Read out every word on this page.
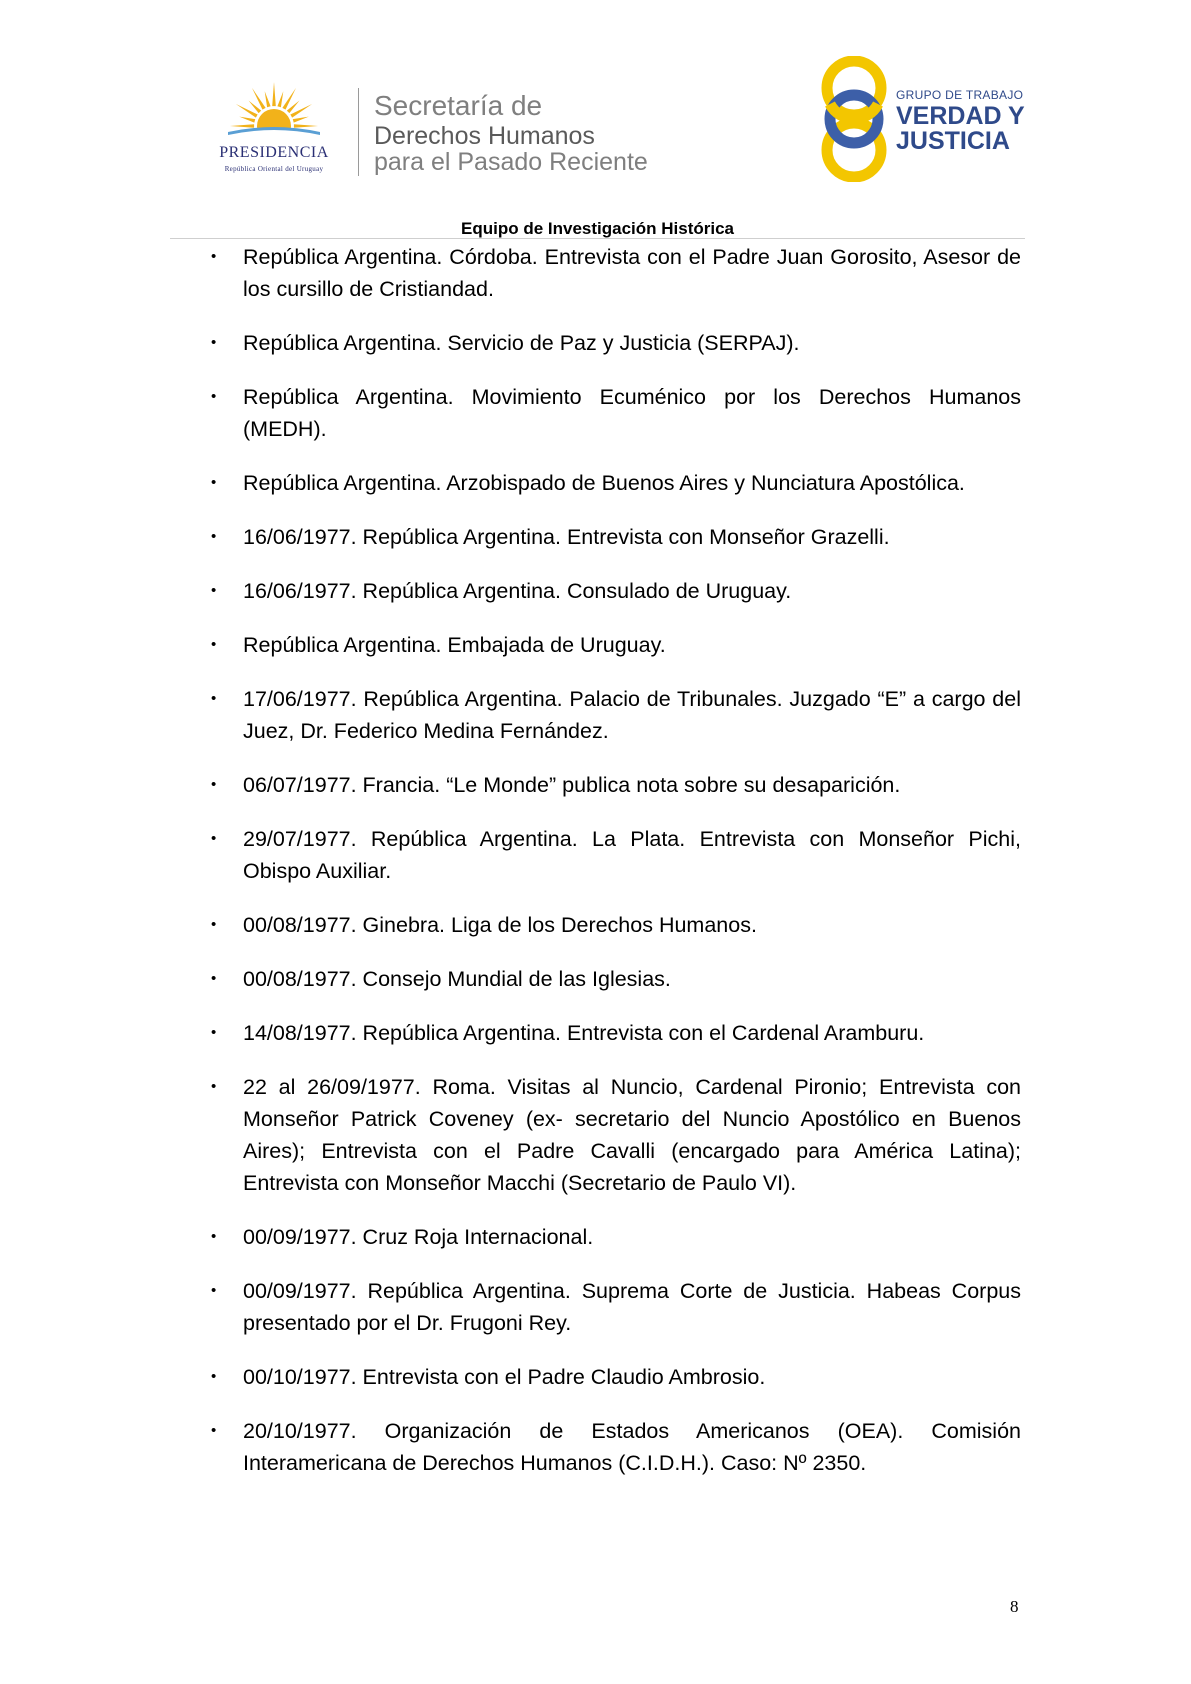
PRESIDENCIA
República Oriental del Uruguay
Secretaría de
Derechos Humanos
para el Pasado Reciente
GRUPO DE TRABAJO
VERDAD Y
JUSTICIA
Equipo de Investigación Histórica
• República Argentina. Córdoba. Entrevista con el Padre Juan Gorosito, Asesor de los cursillo de Cristiandad.
• República Argentina. Servicio de Paz y Justicia (SERPAJ).
• República Argentina. Movimiento Ecuménico por los Derechos Humanos (MEDH).
• República Argentina. Arzobispado de Buenos Aires y Nunciatura Apostólica.
• 16/06/1977. República Argentina. Entrevista con Monseñor Grazelli.
• 16/06/1977. República Argentina. Consulado de Uruguay.
• República Argentina. Embajada de Uruguay.
• 17/06/1977. República Argentina. Palacio de Tribunales. Juzgado “E” a cargo del Juez, Dr. Federico Medina Fernández.
• 06/07/1977. Francia. “Le Monde” publica nota sobre su desaparición.
• 29/07/1977. República Argentina. La Plata. Entrevista con Monseñor Pichi, Obispo Auxiliar.
• 00/08/1977. Ginebra. Liga de los Derechos Humanos.
• 00/08/1977. Consejo Mundial de las Iglesias.
• 14/08/1977. República Argentina. Entrevista con el Cardenal Aramburu.
• 22 al 26/09/1977. Roma. Visitas al Nuncio, Cardenal Pironio; Entrevista con Monseñor Patrick Coveney (ex- secretario del Nuncio Apostólico en Buenos Aires); Entrevista con el Padre Cavalli (encargado para América Latina); Entrevista con Monseñor Macchi (Secretario de Paulo VI).
• 00/09/1977. Cruz Roja Internacional.
• 00/09/1977. República Argentina. Suprema Corte de Justicia. Habeas Corpus presentado por el Dr. Frugoni Rey.
• 00/10/1977. Entrevista con el Padre Claudio Ambrosio.
• 20/10/1977. Organización de Estados Americanos (OEA). Comisión Interamericana de Derechos Humanos (C.I.D.H.). Caso: Nº 2350.
8
